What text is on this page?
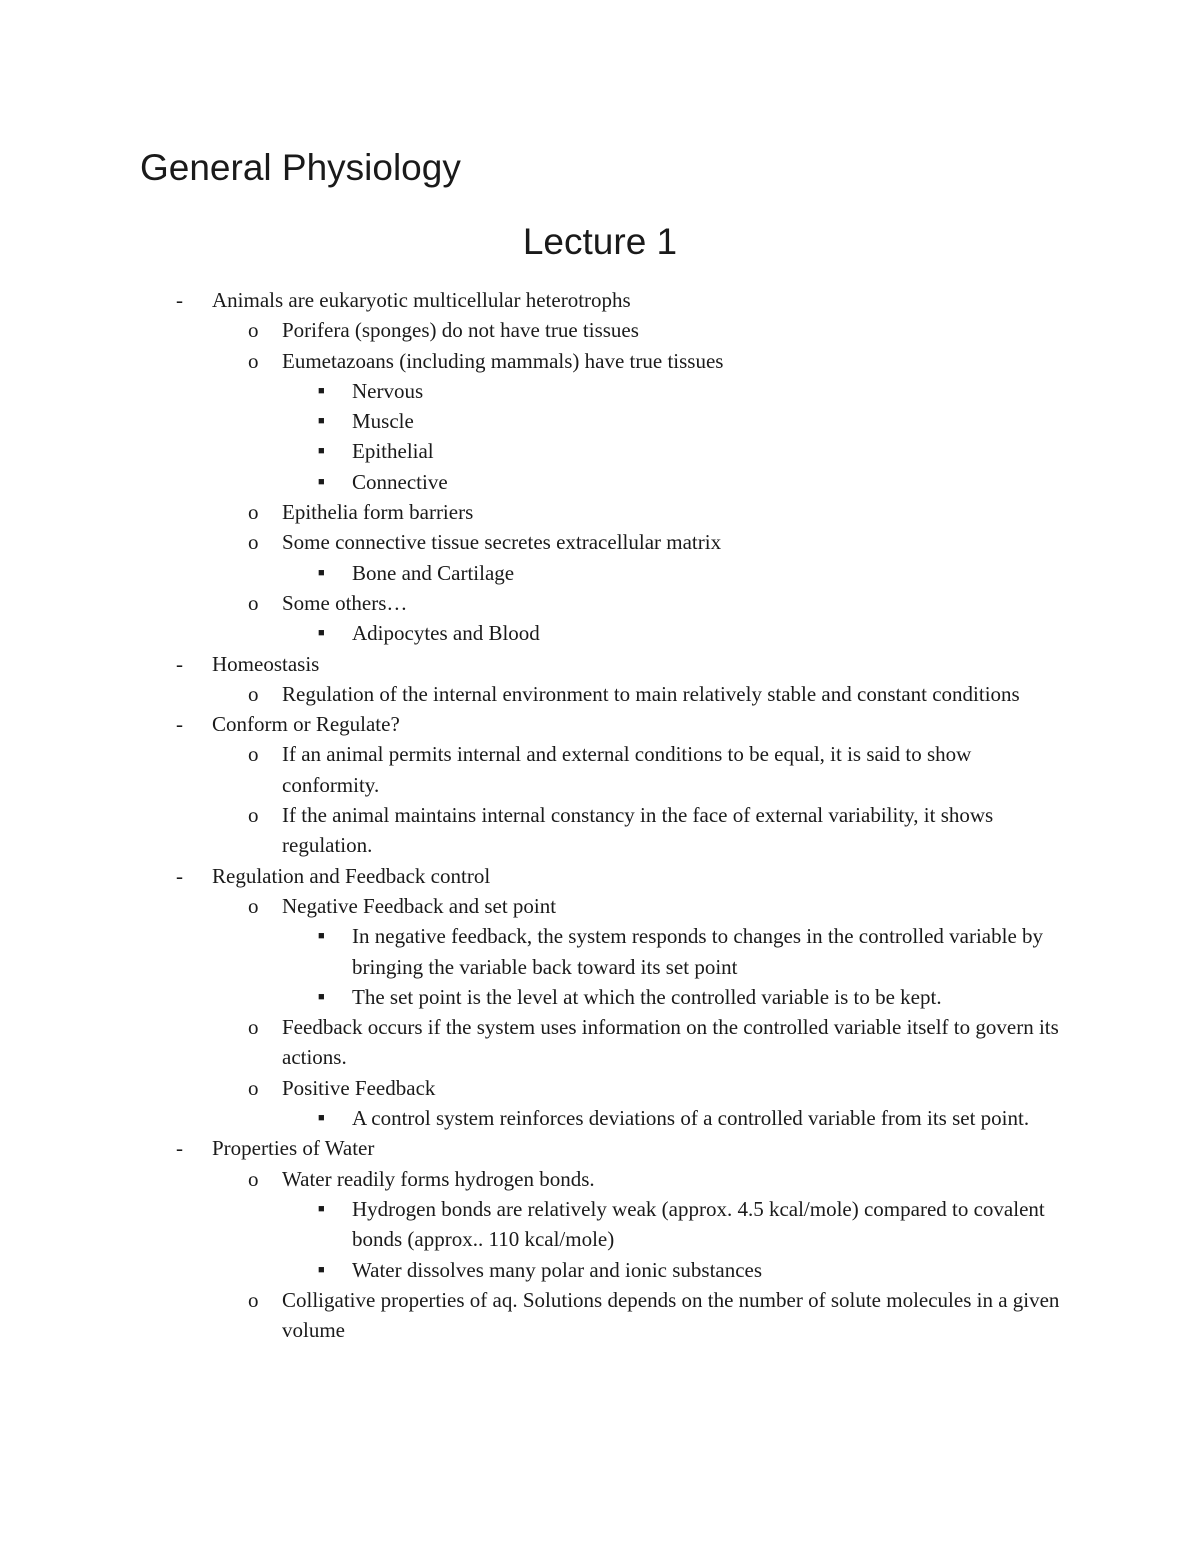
General Physiology
Lecture 1
- Animals are eukaryotic multicellular heterotrophs
o Porifera (sponges) do not have true tissues
o Eumetazoans (including mammals) have true tissues
■ Nervous
■ Muscle
■ Epithelial
■ Connective
o Epithelia form barriers
o Some connective tissue secretes extracellular matrix
■ Bone and Cartilage
o Some others…
■ Adipocytes and Blood
- Homeostasis
o Regulation of the internal environment to main relatively stable and constant conditions
- Conform or Regulate?
o If an animal permits internal and external conditions to be equal, it is said to show conformity.
o If the animal maintains internal constancy in the face of external variability, it shows regulation.
- Regulation and Feedback control
o Negative Feedback and set point
■ In negative feedback, the system responds to changes in the controlled variable by bringing the variable back toward its set point
■ The set point is the level at which the controlled variable is to be kept.
o Feedback occurs if the system uses information on the controlled variable itself to govern its actions.
o Positive Feedback
■ A control system reinforces deviations of a controlled variable from its set point.
- Properties of Water
o Water readily forms hydrogen bonds.
■ Hydrogen bonds are relatively weak (approx. 4.5 kcal/mole) compared to covalent bonds (approx.. 110 kcal/mole)
■ Water dissolves many polar and ionic substances
o Colligative properties of aq. Solutions depends on the number of solute molecules in a given volume
